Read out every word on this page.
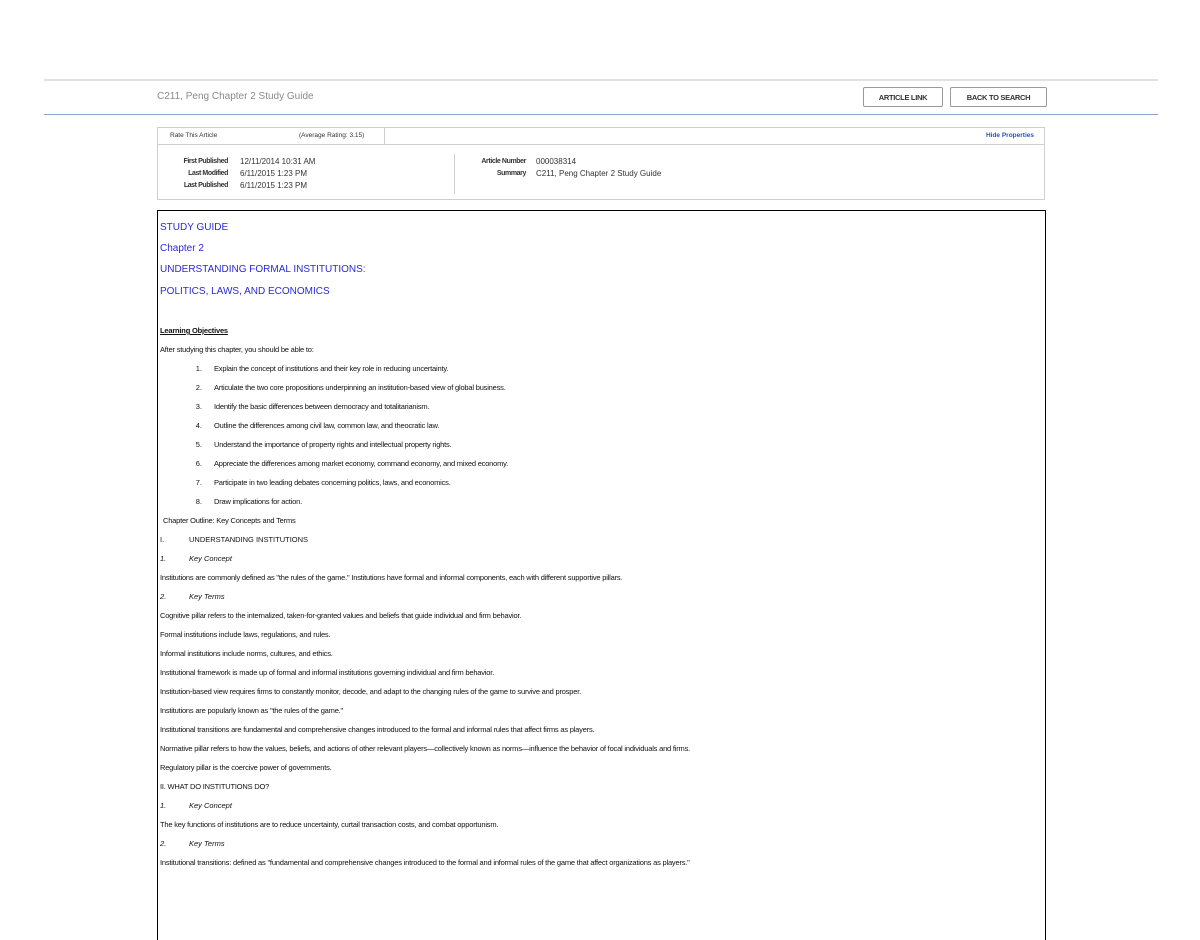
C211, Peng Chapter 2 Study Guide	ARTICLE LINK	BACK TO SEARCH
Rate This Article	(Average Rating: 3.15)	Hide Properties
First Published 12/11/2014 10:31 AM
Last Modified 6/11/2015 1:23 PM
Last Published 6/11/2015 1:23 PM
Article Number 000038314
Summary C211, Peng Chapter 2 Study Guide
STUDY GUIDE
Chapter 2
UNDERSTANDING FORMAL INSTITUTIONS:
POLITICS, LAWS, AND ECONOMICS
Learning Objectives
After studying this chapter, you should be able to:
1. Explain the concept of institutions and their key role in reducing uncertainty.
2. Articulate the two core propositions underpinning an institution-based view of global business.
3. Identify the basic differences between democracy and totalitarianism.
4. Outline the differences among civil law, common law, and theocratic law.
5. Understand the importance of property rights and intellectual property rights.
6. Appreciate the differences among market economy, command economy, and mixed economy.
7. Participate in two leading debates concerning politics, laws, and economics.
8. Draw implications for action.
Chapter Outline: Key Concepts and Terms
I.	UNDERSTANDING INSTITUTIONS
1.	Key Concept
Institutions are commonly defined as "the rules of the game." Institutions have formal and informal components, each with different supportive pillars.
2.	Key Terms
Cognitive pillar refers to the internalized, taken-for-granted values and beliefs that guide individual and firm behavior.
Formal institutions include laws, regulations, and rules.
Informal institutions include norms, cultures, and ethics.
Institutional framework is made up of formal and informal institutions governing individual and firm behavior.
Institution-based view requires firms to constantly monitor, decode, and adapt to the changing rules of the game to survive and prosper.
Institutions are popularly known as "the rules of the game."
Institutional transitions are fundamental and comprehensive changes introduced to the formal and informal rules that affect firms as players.
Normative pillar refers to how the values, beliefs, and actions of other relevant players—collectively known as norms—influence the behavior of focal individuals and firms.
Regulatory pillar is the coercive power of governments.
II. WHAT DO INSTITUTIONS DO?
1.	Key Concept
The key functions of institutions are to reduce uncertainty, curtail transaction costs, and combat opportunism.
2.	Key Terms
Institutional transitions: defined as "fundamental and comprehensive changes introduced to the formal and informal rules of the game that affect organizations as players."
